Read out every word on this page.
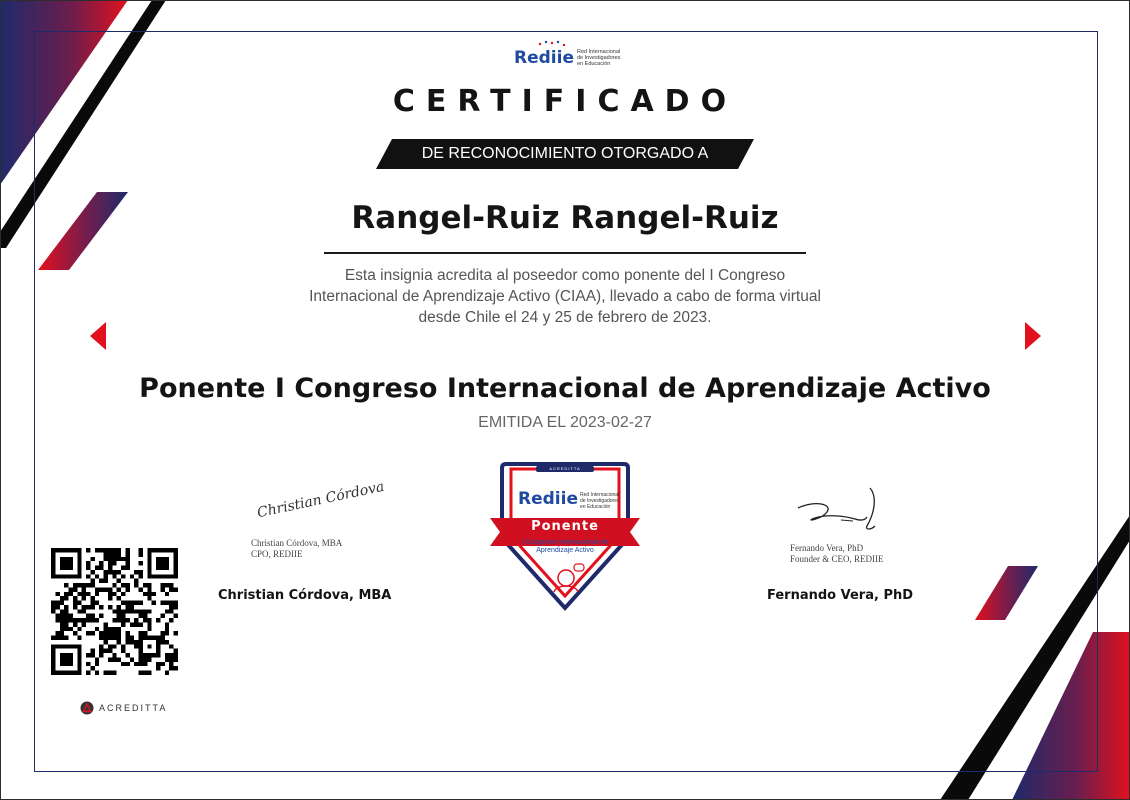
Rediie Red Internacional
de Investigadores
en Educación
CERTIFICADO
DE RECONOCIMIENTO OTORGADO A
Rangel-Ruiz Rangel-Ruiz
Esta insignia acredita al poseedor como ponente del I Congreso
Internacional de Aprendizaje Activo (CIAA), llevado a cabo de forma virtual
desde Chile el 24 y 25 de febrero de 2023.
Ponente I Congreso Internacional de Aprendizaje Activo
EMITIDA EL 2023-02-27
Christian Córdova
Christian Córdova, MBA
CPO, REDIIE
Christian Córdova, MBA
Fernando Vera, PhD
Founder & CEO, REDIIE
Fernando Vera, PhD
ACREDITTA
Rediie Red Internacional
de Investigadores
en Educación
Ponente
I Congreso Internacional de
Aprendizaje Activo
ACREDITTA
